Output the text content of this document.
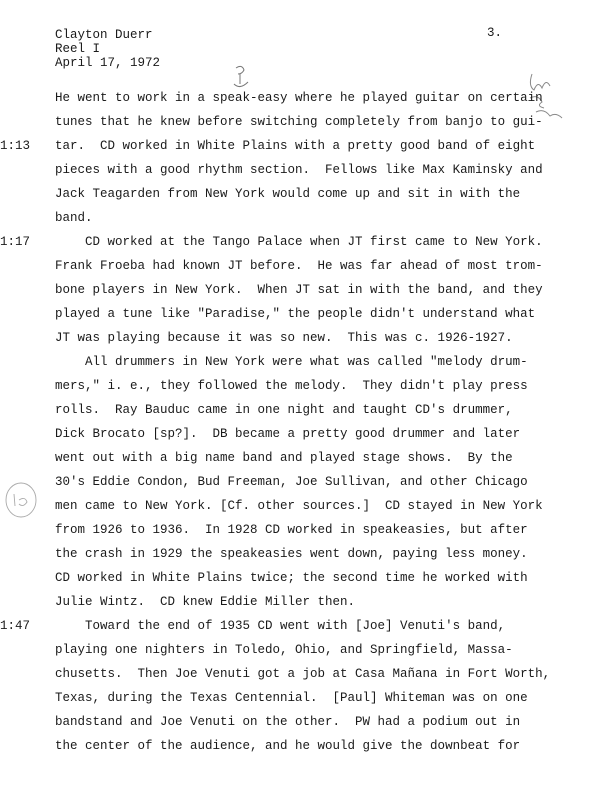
Clayton Duerr
Reel I
April 17, 1972
3.
1:13
1:17
1:47
He went to work in a speak-easy where he played guitar on certain
tunes that he knew before switching completely from banjo to gui-
tar.  CD worked in White Plains with a pretty good band of eight
pieces with a good rhythm section.  Fellows like Max Kaminsky and
Jack Teagarden from New York would come up and sit in with the
band.
CD worked at the Tango Palace when JT first came to New York.
Frank Froeba had known JT before.  He was far ahead of most trom-
bone players in New York.  When JT sat in with the band, and they
played a tune like "Paradise," the people didn't understand what
JT was playing because it was so new.  This was c. 1926-1927.
All drummers in New York were what was called "melody drum-
mers," i. e., they followed the melody.  They didn't play press
rolls.  Ray Bauduc came in one night and taught CD's drummer,
Dick Brocato [sp?].  DB became a pretty good drummer and later
went out with a big name band and played stage shows.  By the
30's Eddie Condon, Bud Freeman, Joe Sullivan, and other Chicago
men came to New York. [Cf. other sources.]  CD stayed in New York
from 1926 to 1936.  In 1928 CD worked in speakeasies, but after
the crash in 1929 the speakeasies went down, paying less money.
CD worked in White Plains twice; the second time he worked with
Julie Wintz.  CD knew Eddie Miller then.
Toward the end of 1935 CD went with [Joe] Venuti's band,
playing one nighters in Toledo, Ohio, and Springfield, Massa-
chusetts.  Then Joe Venuti got a job at Casa Mañana in Fort Worth,
Texas, during the Texas Centennial.  [Paul] Whiteman was on one
bandstand and Joe Venuti on the other.  PW had a podium out in
the center of the audience, and he would give the downbeat for
